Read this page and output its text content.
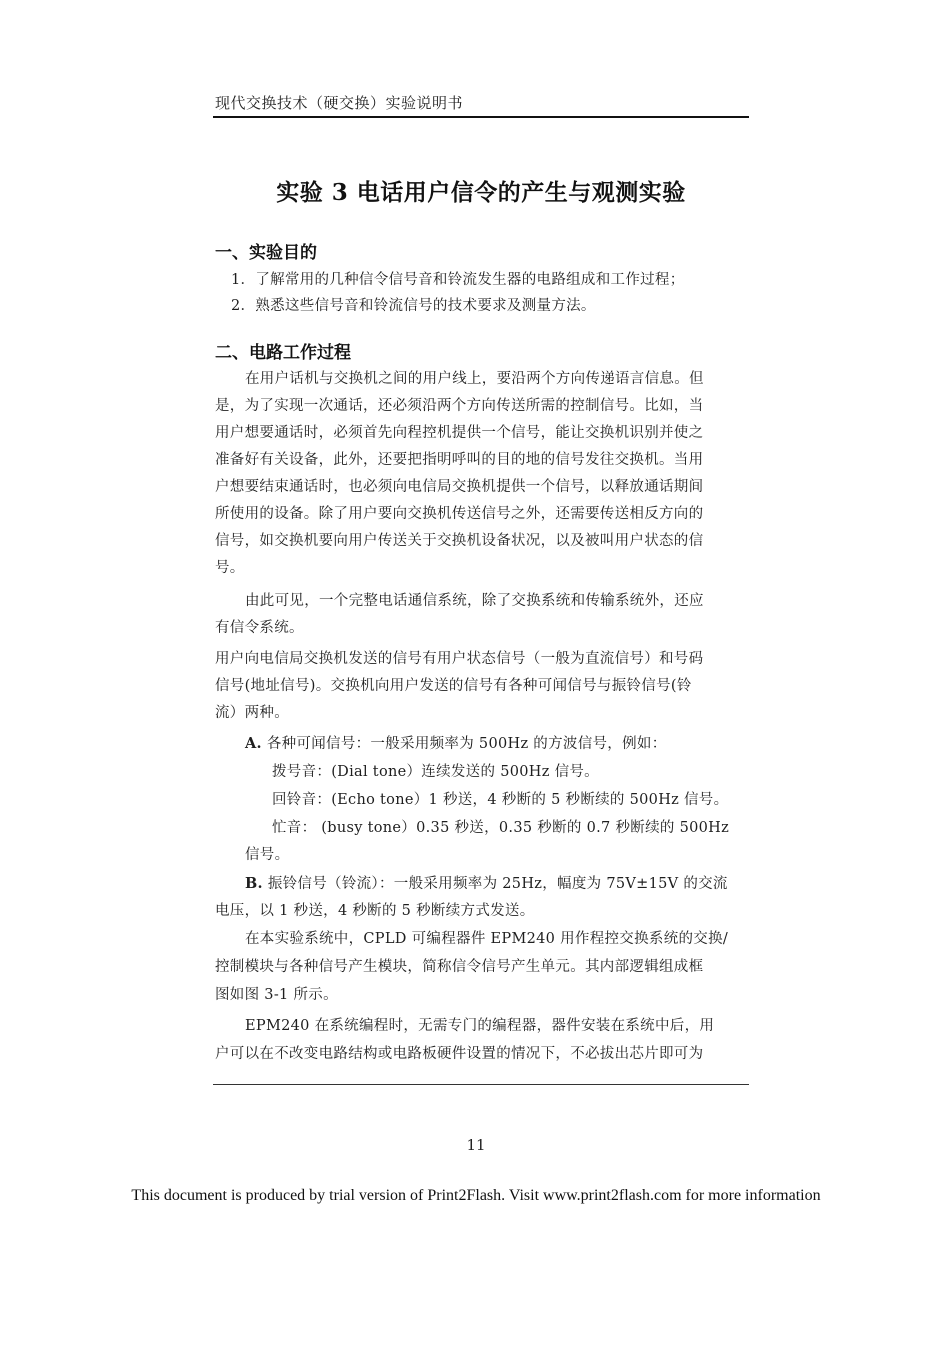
现代交换技术（硬交换）实验说明书
实验 3 电话用户信令的产生与观测实验
一、实验目的
1．了解常用的几种信令信号音和铃流发生器的电路组成和工作过程；
2．熟悉这些信号音和铃流信号的技术要求及测量方法。
二、电路工作过程
在用户话机与交换机之间的用户线上，要沿两个方向传递语言信息。但
是，为了实现一次通话，还必须沿两个方向传送所需的控制信号。比如，当
用户想要通话时，必须首先向程控机提供一个信号，能让交换机识别并使之
准备好有关设备，此外，还要把指明呼叫的目的地的信号发往交换机。当用
户想要结束通话时，也必须向电信局交换机提供一个信号，以释放通话期间
所使用的设备。除了用户要向交换机传送信号之外，还需要传送相反方向的
信号，如交换机要向用户传送关于交换机设备状况，以及被叫用户状态的信
号。
由此可见，一个完整电话通信系统，除了交换系统和传输系统外，还应
有信令系统。
用户向电信局交换机发送的信号有用户状态信号（一般为直流信号）和号码
信号(地址信号)。交换机向用户发送的信号有各种可闻信号与振铃信号(铃
流）两种。
A. 各种可闻信号：一般采用频率为 500Hz 的方波信号，例如：
拨号音：(Dial tone）连续发送的 500Hz 信号。
回铃音：(Echo tone）1 秒送，4 秒断的 5 秒断续的 500Hz 信号。
忙音： (busy tone）0.35 秒送，0.35 秒断的 0.7 秒断续的 500Hz
信号。
B. 振铃信号（铃流）：一般采用频率为 25Hz，幅度为 75V±15V 的交流
电压，以 1 秒送，4 秒断的 5 秒断续方式发送。
在本实验系统中，CPLD 可编程器件 EPM240 用作程控交换系统的交换/
控制模块与各种信号产生模块，简称信令信号产生单元。其内部逻辑组成框
图如图 3-1 所示。
EPM240 在系统编程时，无需专门的编程器，器件安装在系统中后，用
户可以在不改变电路结构或电路板硬件设置的情况下，不必拔出芯片即可为
11
This document is produced by trial version of Print2Flash. Visit www.print2flash.com for more information
